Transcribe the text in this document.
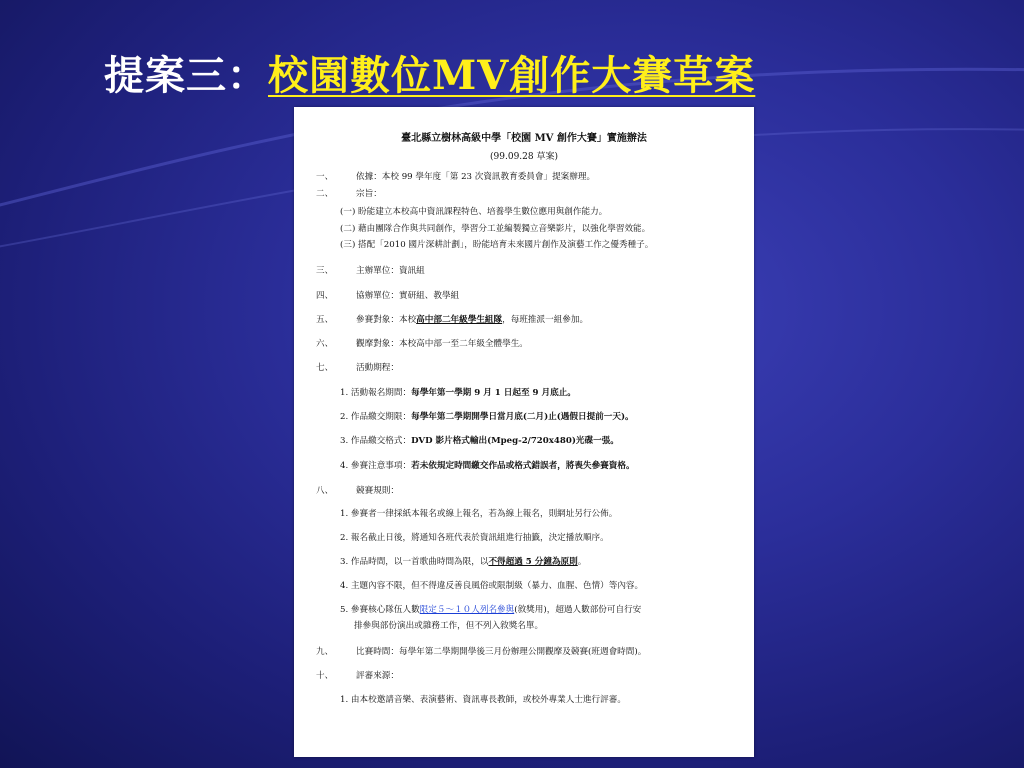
提案三：校園數位MV創作大賽草案
臺北縣立樹林高級中學「校園 MV 創作大賽」實施辦法
(99.09.28 草案)
一、	依據：本校 99 學年度「第 23 次資訊教育委員會」提案辦理。
二、	宗旨：
(一) 盼能建立本校高中資訊課程特色、培養學生數位應用與創作能力。
(二) 藉由團隊合作與共同創作，學習分工並編製獨立音樂影片，以強化學習效能。
(三) 搭配「2010 國片深耕計劃」，盼能培育未來國片創作及演藝工作之優秀種子。
三、	主辦單位：資訊組
四、	協辦單位：實研組、教學組
五、	參賽對象：本校高中部二年級學生組隊，每班推派一組參加。
六、	觀摩對象：本校高中部一至二年級全體學生。
七、	活動期程：
1. 活動報名期間：每學年第一學期 9 月 1 日起至 9 月底止。
2. 作品繳交期限：每學年第二學期開學日當月底(二月)止(遇假日提前一天)。
3. 作品繳交格式：DVD 影片格式輸出(Mpeg-2/720x480)光碟一張。
4. 參賽注意事項：若未依規定時間繳交作品或格式錯誤者，將喪失參賽資格。
八、	競賽規則：
1. 參賽者一律採紙本報名或線上報名，若為線上報名，則網址另行公佈。
2. 報名截止日後，將通知各班代表於資訊組進行抽籤，決定播放順序。
3. 作品時間，以一首歌曲時間為限，以不得超過 5 分鐘為原則。
4. 主題內容不限，但不得違反善良風俗或限制級（暴力、血腥、色情）等內容。
5. 參賽核心隊伍人數限定５～１０人列名參與(敘獎用)，超過人數部份可自行安
排參與部份演出或雜務工作，但不列入敘獎名單。
九、	比賽時間：每學年第二學期開學後三月份辦理公開觀摩及競賽(班週會時間)。
十、	評審來源：
1. 由本校邀請音樂、表演藝術、資訊專長教師，或校外專業人士進行評審。
